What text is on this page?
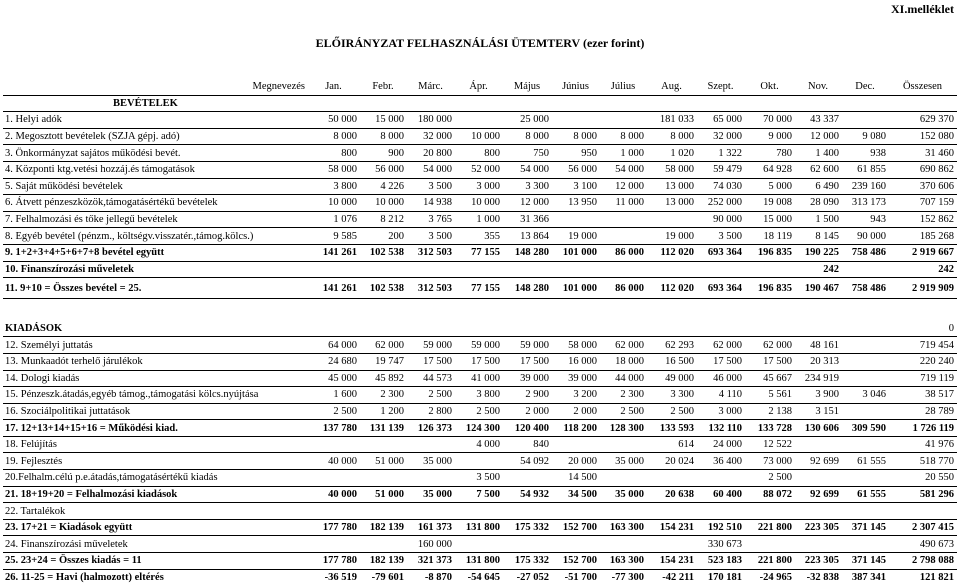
XI.melléklet
ELŐIRÁNYZAT FELHASZNÁLÁSI ÜTEMTERV (ezer forint)
Megnevezés	Jan.	Febr.	Márc.	Ápr.	Május	Június	Július	Aug.	Szept.	Okt.	Nov.	Dec.	Összesen
BEVÉTELEK													
1. Helyi adók	50 000	15 000	180 000		25 000			181 033	65 000	70 000	43 337		629 370
2. Megosztott bevételek (SZJA gépj. adó)	8 000	8 000	32 000	10 000	8 000	8 000	8 000	8 000	32 000	9 000	12 000	9 080	152 080
3. Önkormányzat sajátos működési bevét.	800	900	20 800	800	750	950	1 000	1 020	1 322	780	1 400	938	31 460
4. Központi ktg.vetési hozzáj.és támogatások	58 000	56 000	54 000	52 000	54 000	56 000	54 000	58 000	59 479	64 928	62 600	61 855	690 862
5. Saját működési bevételek	3 800	4 226	3 500	3 000	3 300	3 100	12 000	13 000	74 030	5 000	6 490	239 160	370 606
6. Átvett pénzeszközök,támogatásértékű bevételek	10 000	10 000	14 938	10 000	12 000	13 950	11 000	13 000	252 000	19 008	28 090	313 173	707 159
7. Felhalmozási és tőke jellegű bevételek	1 076	8 212	3 765	1 000	31 366				90 000	15 000	1 500	943	152 862
8. Egyéb bevétel (pénzm., költségv.visszatér.,támog.kölcs.)	9 585	200	3 500	355	13 864	19 000		19 000	3 500	18 119	8 145	90 000	185 268
9. 1+2+3+4+5+6+7+8 bevétel együtt	141 261	102 538	312 503	77 155	148 280	101 000	86 000	112 020	693 364	196 835	190 225	758 486	2 919 667
10. Finanszírozási műveletek											242		242
11. 9+10 = Összes bevétel = 25.	141 261	102 538	312 503	77 155	148 280	101 000	86 000	112 020	693 364	196 835	190 467	758 486	2 919 909

KIADÁSOK													0
12. Személyi juttatás	64 000	62 000	59 000	59 000	59 000	58 000	62 000	62 293	62 000	62 000	48 161		719 454
13. Munkaadót terhelő járulékok	24 680	19 747	17 500	17 500	17 500	16 000	18 000	16 500	17 500	17 500	20 313		220 240
14. Dologi kiadás	45 000	45 892	44 573	41 000	39 000	39 000	44 000	49 000	46 000	45 667	234 919		719 119
15. Pénzeszk.átadás,egyéb támog.,támogatási kölcs.nyújtása	1 600	2 300	2 500	3 800	2 900	3 200	2 300	3 300	4 110	5 561	3 900	3 046	38 517
16. Szociálpolitikai juttatások	2 500	1 200	2 800	2 500	2 000	2 000	2 500	2 500	3 000	2 138	3 151		28 789
17. 12+13+14+15+16 = Működési kiad.	137 780	131 139	126 373	124 300	120 400	118 200	128 300	133 593	132 110	133 728	130 606	309 590	1 726 119
18. Felújítás				4 000	840			614	24 000	12 522			41 976
19. Fejlesztés	40 000	51 000	35 000		54 092	20 000	35 000	20 024	36 400	73 000	92 699	61 555	518 770
20.Felhalm.célú p.e.átadás,támogatásértékű kiadás				3 500		14 500				2 500			20 550
21. 18+19+20 = Felhalmozási kiadások	40 000	51 000	35 000	7 500	54 932	34 500	35 000	20 638	60 400	88 072	92 699	61 555	581 296
22. Tartalékok													
23. 17+21 = Kiadások együtt	177 780	182 139	161 373	131 800	175 332	152 700	163 300	154 231	192 510	221 800	223 305	371 145	2 307 415
24. Finanszírozási műveletek			160 000						330 673				490 673
25. 23+24 = Összes kiadás = 11	177 780	182 139	321 373	131 800	175 332	152 700	163 300	154 231	523 183	221 800	223 305	371 145	2 798 088
26. 11-25 = Havi (halmozott) eltérés	-36 519	-79 601	-8 870	-54 645	-27 052	-51 700	-77 300	-42 211	170 181	-24 965	-32 838	387 341	121 821
